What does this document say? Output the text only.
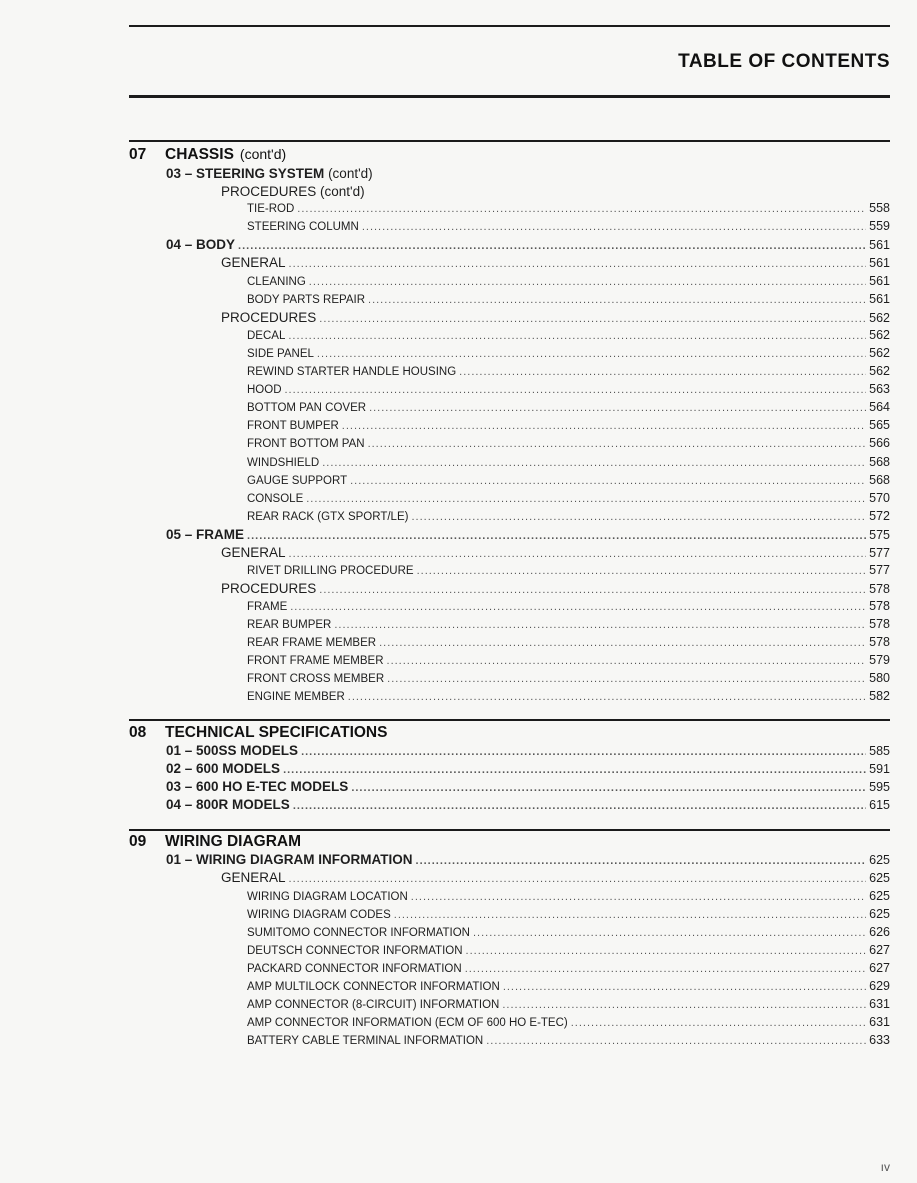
TABLE OF CONTENTS
07	CHASSIS (cont'd)
03 – STEERING SYSTEM (cont'd)
PROCEDURES (cont'd)
TIE-ROD .....	558
STEERING COLUMN .....	559
04 – BODY .....	561
GENERAL .....	561
CLEANING .....	561
BODY PARTS REPAIR .....	561
PROCEDURES .....	562
DECAL .....	562
SIDE PANEL .....	562
REWIND STARTER HANDLE HOUSING .....	562
HOOD .....	563
BOTTOM PAN COVER .....	564
FRONT BUMPER .....	565
FRONT BOTTOM PAN .....	566
WINDSHIELD .....	568
GAUGE SUPPORT .....	568
CONSOLE .....	570
REAR RACK (GTX SPORT/LE) .....	572
05 – FRAME .....	575
GENERAL .....	577
RIVET DRILLING PROCEDURE .....	577
PROCEDURES .....	578
FRAME .....	578
REAR BUMPER .....	578
REAR FRAME MEMBER .....	578
FRONT FRAME MEMBER .....	579
FRONT CROSS MEMBER .....	580
ENGINE MEMBER .....	582
08	TECHNICAL SPECIFICATIONS
01 – 500SS MODELS .....	585
02 – 600 MODELS .....	591
03 – 600 HO E-TEC MODELS .....	595
04 – 800R MODELS .....	615
09	WIRING DIAGRAM
01 – WIRING DIAGRAM INFORMATION .....	625
GENERAL .....	625
WIRING DIAGRAM LOCATION .....	625
WIRING DIAGRAM CODES .....	625
SUMITOMO CONNECTOR INFORMATION .....	626
DEUTSCH CONNECTOR INFORMATION .....	627
PACKARD CONNECTOR INFORMATION .....	627
AMP MULTILOCK CONNECTOR INFORMATION .....	629
AMP CONNECTOR (8-CIRCUIT) INFORMATION .....	631
AMP CONNECTOR INFORMATION (ECM OF 600 HO E-TEC) .....	631
BATTERY CABLE TERMINAL INFORMATION .....	633
ıv
